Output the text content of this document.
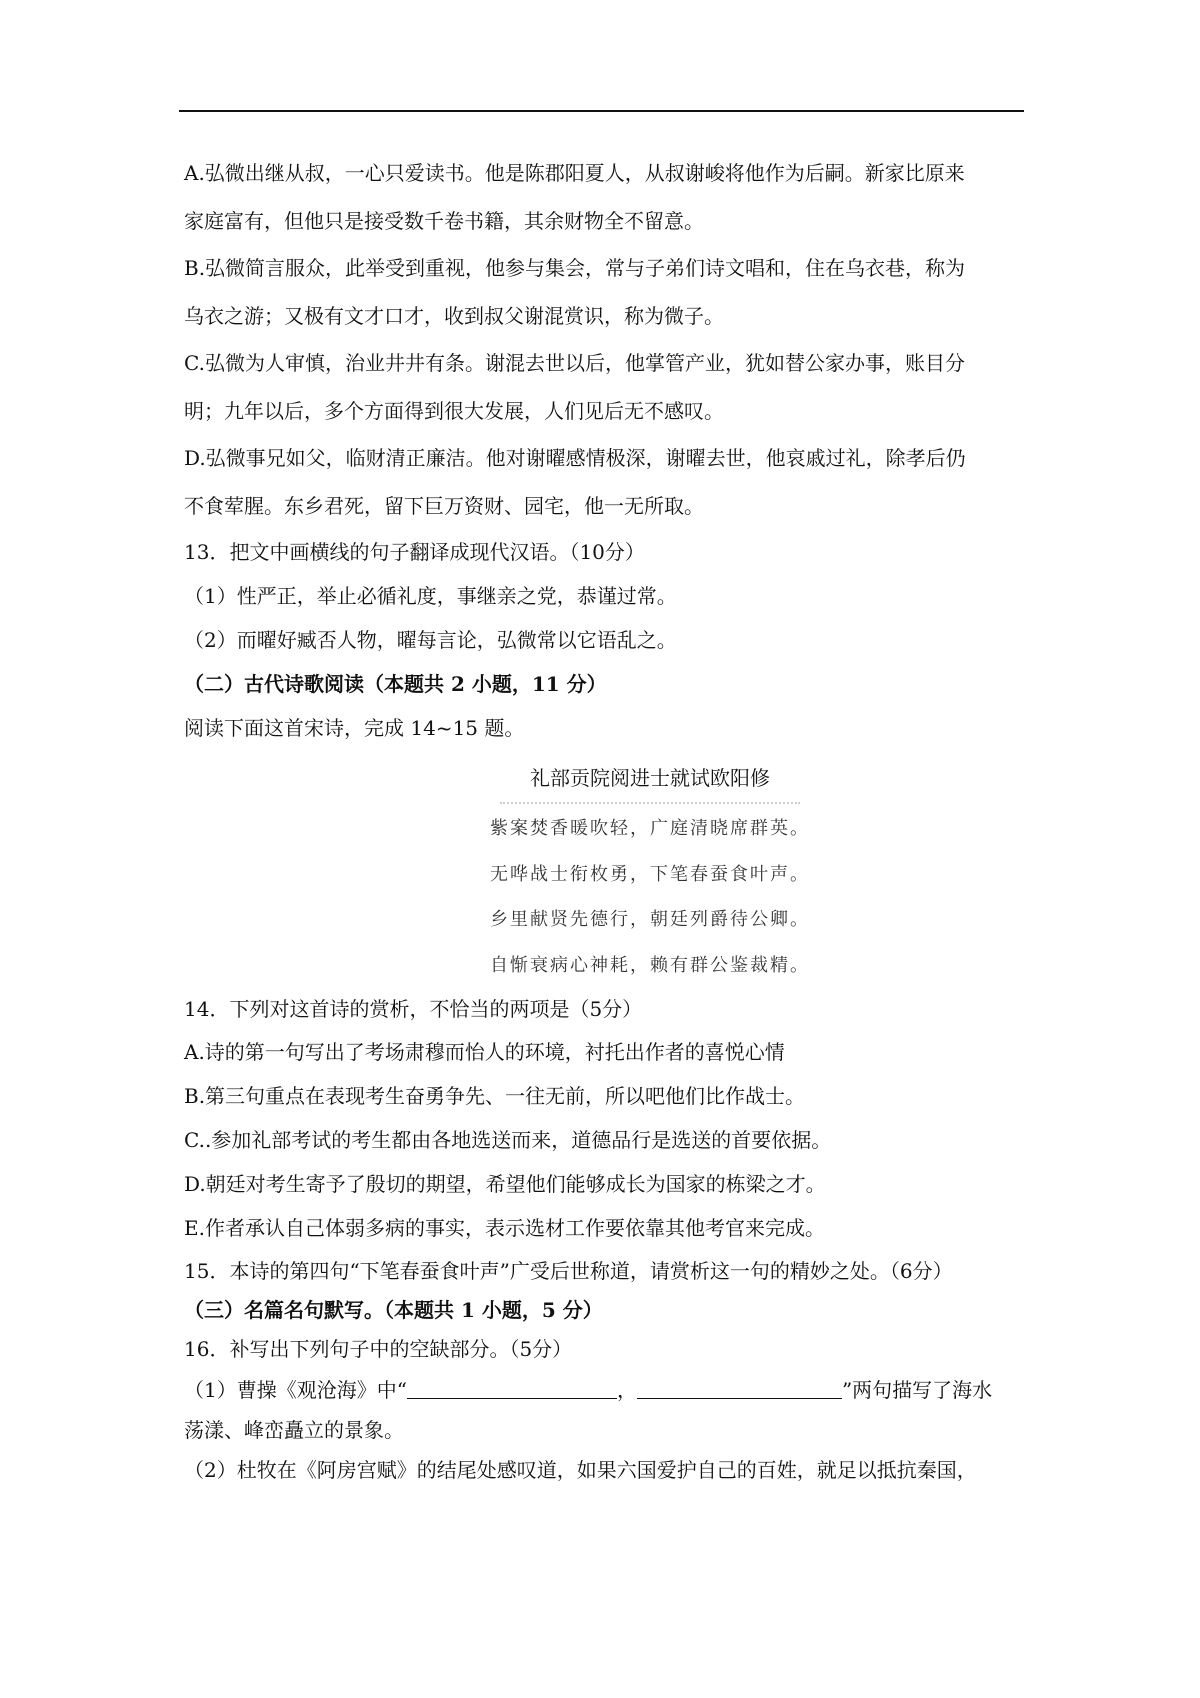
A.弘微出继从叔，一心只爱读书。他是陈郡阳夏人，从叔谢峻将他作为后嗣。新家比原来

家庭富有，但他只是接受数千卷书籍，其余财物全不留意。

B.弘微简言服众，此举受到重视，他参与集会，常与子弟们诗文唱和，住在乌衣巷，称为

乌衣之游；又极有文才口才，收到叔父谢混赏识，称为微子。

C.弘微为人审慎，治业井井有条。谢混去世以后，他掌管产业，犹如替公家办事，账目分

明；九年以后，多个方面得到很大发展，人们见后无不感叹。

D.弘微事兄如父，临财清正廉洁。他对谢曜感情极深，谢曜去世，他哀戚过礼，除孝后仍

不食荤腥。东乡君死，留下巨万资财、园宅，他一无所取。

13．把文中画横线的句子翻译成现代汉语。（10分）

（1）性严正，举止必循礼度，事继亲之党，恭谨过常。

（2）而曜好臧否人物，曜每言论，弘微常以它语乱之。

（二）古代诗歌阅读（本题共 2 小题，11 分）

阅读下面这首宋诗，完成 14~15 题。

礼部贡院阅进士就试欧阳修

紫案焚香暖吹轻，广庭清晓席群英。

无哗战士衔枚勇，下笔春蚕食叶声。

乡里献贤先德行，朝廷列爵待公卿。

自惭衰病心神耗，赖有群公鉴裁精。

14．下列对这首诗的赏析，不恰当的两项是（5分）

A.诗的第一句写出了考场肃穆而怡人的环境，衬托出作者的喜悦心情

B.第三句重点在表现考生奋勇争先、一往无前，所以吧他们比作战士。

C..参加礼部考试的考生都由各地选送而来，道德品行是选送的首要依据。

D.朝廷对考生寄予了殷切的期望，希望他们能够成长为国家的栋梁之才。

E.作者承认自己体弱多病的事实，表示选材工作要依靠其他考官来完成。

15．本诗的第四句“下笔春蚕食叶声”广受后世称道，请赏析这一句的精妙之处。（6分）

（三）名篇名句默写。（本题共 1 小题，5 分）

16．补写出下列句子中的空缺部分。（5分）

（1）曹操《观沧海》中“	，	”两句描写了海水

荡漾、峰峦矗立的景象。

（2）杜牧在《阿房宫赋》的结尾处感叹道，如果六国爱护自己的百姓，就足以抵抗秦国，
